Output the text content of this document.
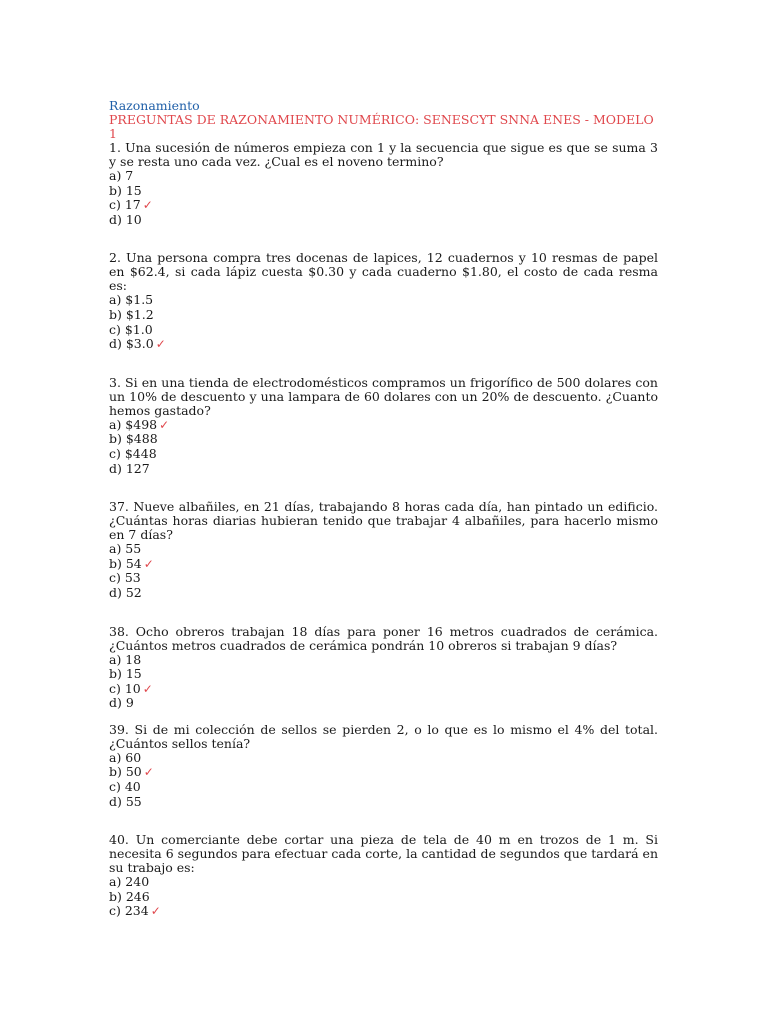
Razonamiento

PREGUNTAS DE RAZONAMIENTO NUMÉRICO: SENESCYT SNNA ENES - MODELO 1

1. Una sucesión de números empieza con 1 y la secuencia que sigue es que se suma 3 y se resta uno cada vez. ¿Cual es el noveno termino?

a) 7
b) 15
c) 17 ✓
d) 10

2. Una persona compra tres docenas de lapices, 12 cuadernos y 10 resmas de papel en $62.4, si cada lápiz cuesta $0.30 y cada cuaderno $1.80, el costo de cada resma es:

a) $1.5
b) $1.2
c) $1.0
d) $3.0 ✓

3. Si en una tienda de electrodomésticos compramos un frigorífico de 500 dolares con un 10% de descuento y una lampara de 60 dolares con un 20% de descuento. ¿Cuanto hemos gastado?

a) $498 ✓
b) $488
c) $448
d) 127

37. Nueve albañiles, en 21 días, trabajando 8 horas cada día, han pintado un edificio. ¿Cuántas horas diarias hubieran tenido que trabajar 4 albañiles, para hacerlo mismo en 7 días?

a) 55
b) 54 ✓
c) 53
d) 52

38. Ocho obreros trabajan 18 días para poner 16 metros cuadrados de cerámica. ¿Cuántos metros cuadrados de cerámica pondrán 10 obreros si trabajan 9 días?

a) 18
b) 15
c) 10 ✓
d) 9

39. Si de mi colección de sellos se pierden 2, o lo que es lo mismo el 4% del total. ¿Cuántos sellos tenía?

a) 60
b) 50 ✓
c) 40
d) 55

40. Un comerciante debe cortar una pieza de tela de 40 m en trozos de 1 m. Si necesita 6 segundos para efectuar cada corte, la cantidad de segundos que tardará en su trabajo es:

a) 240
b) 246
c) 234 ✓
